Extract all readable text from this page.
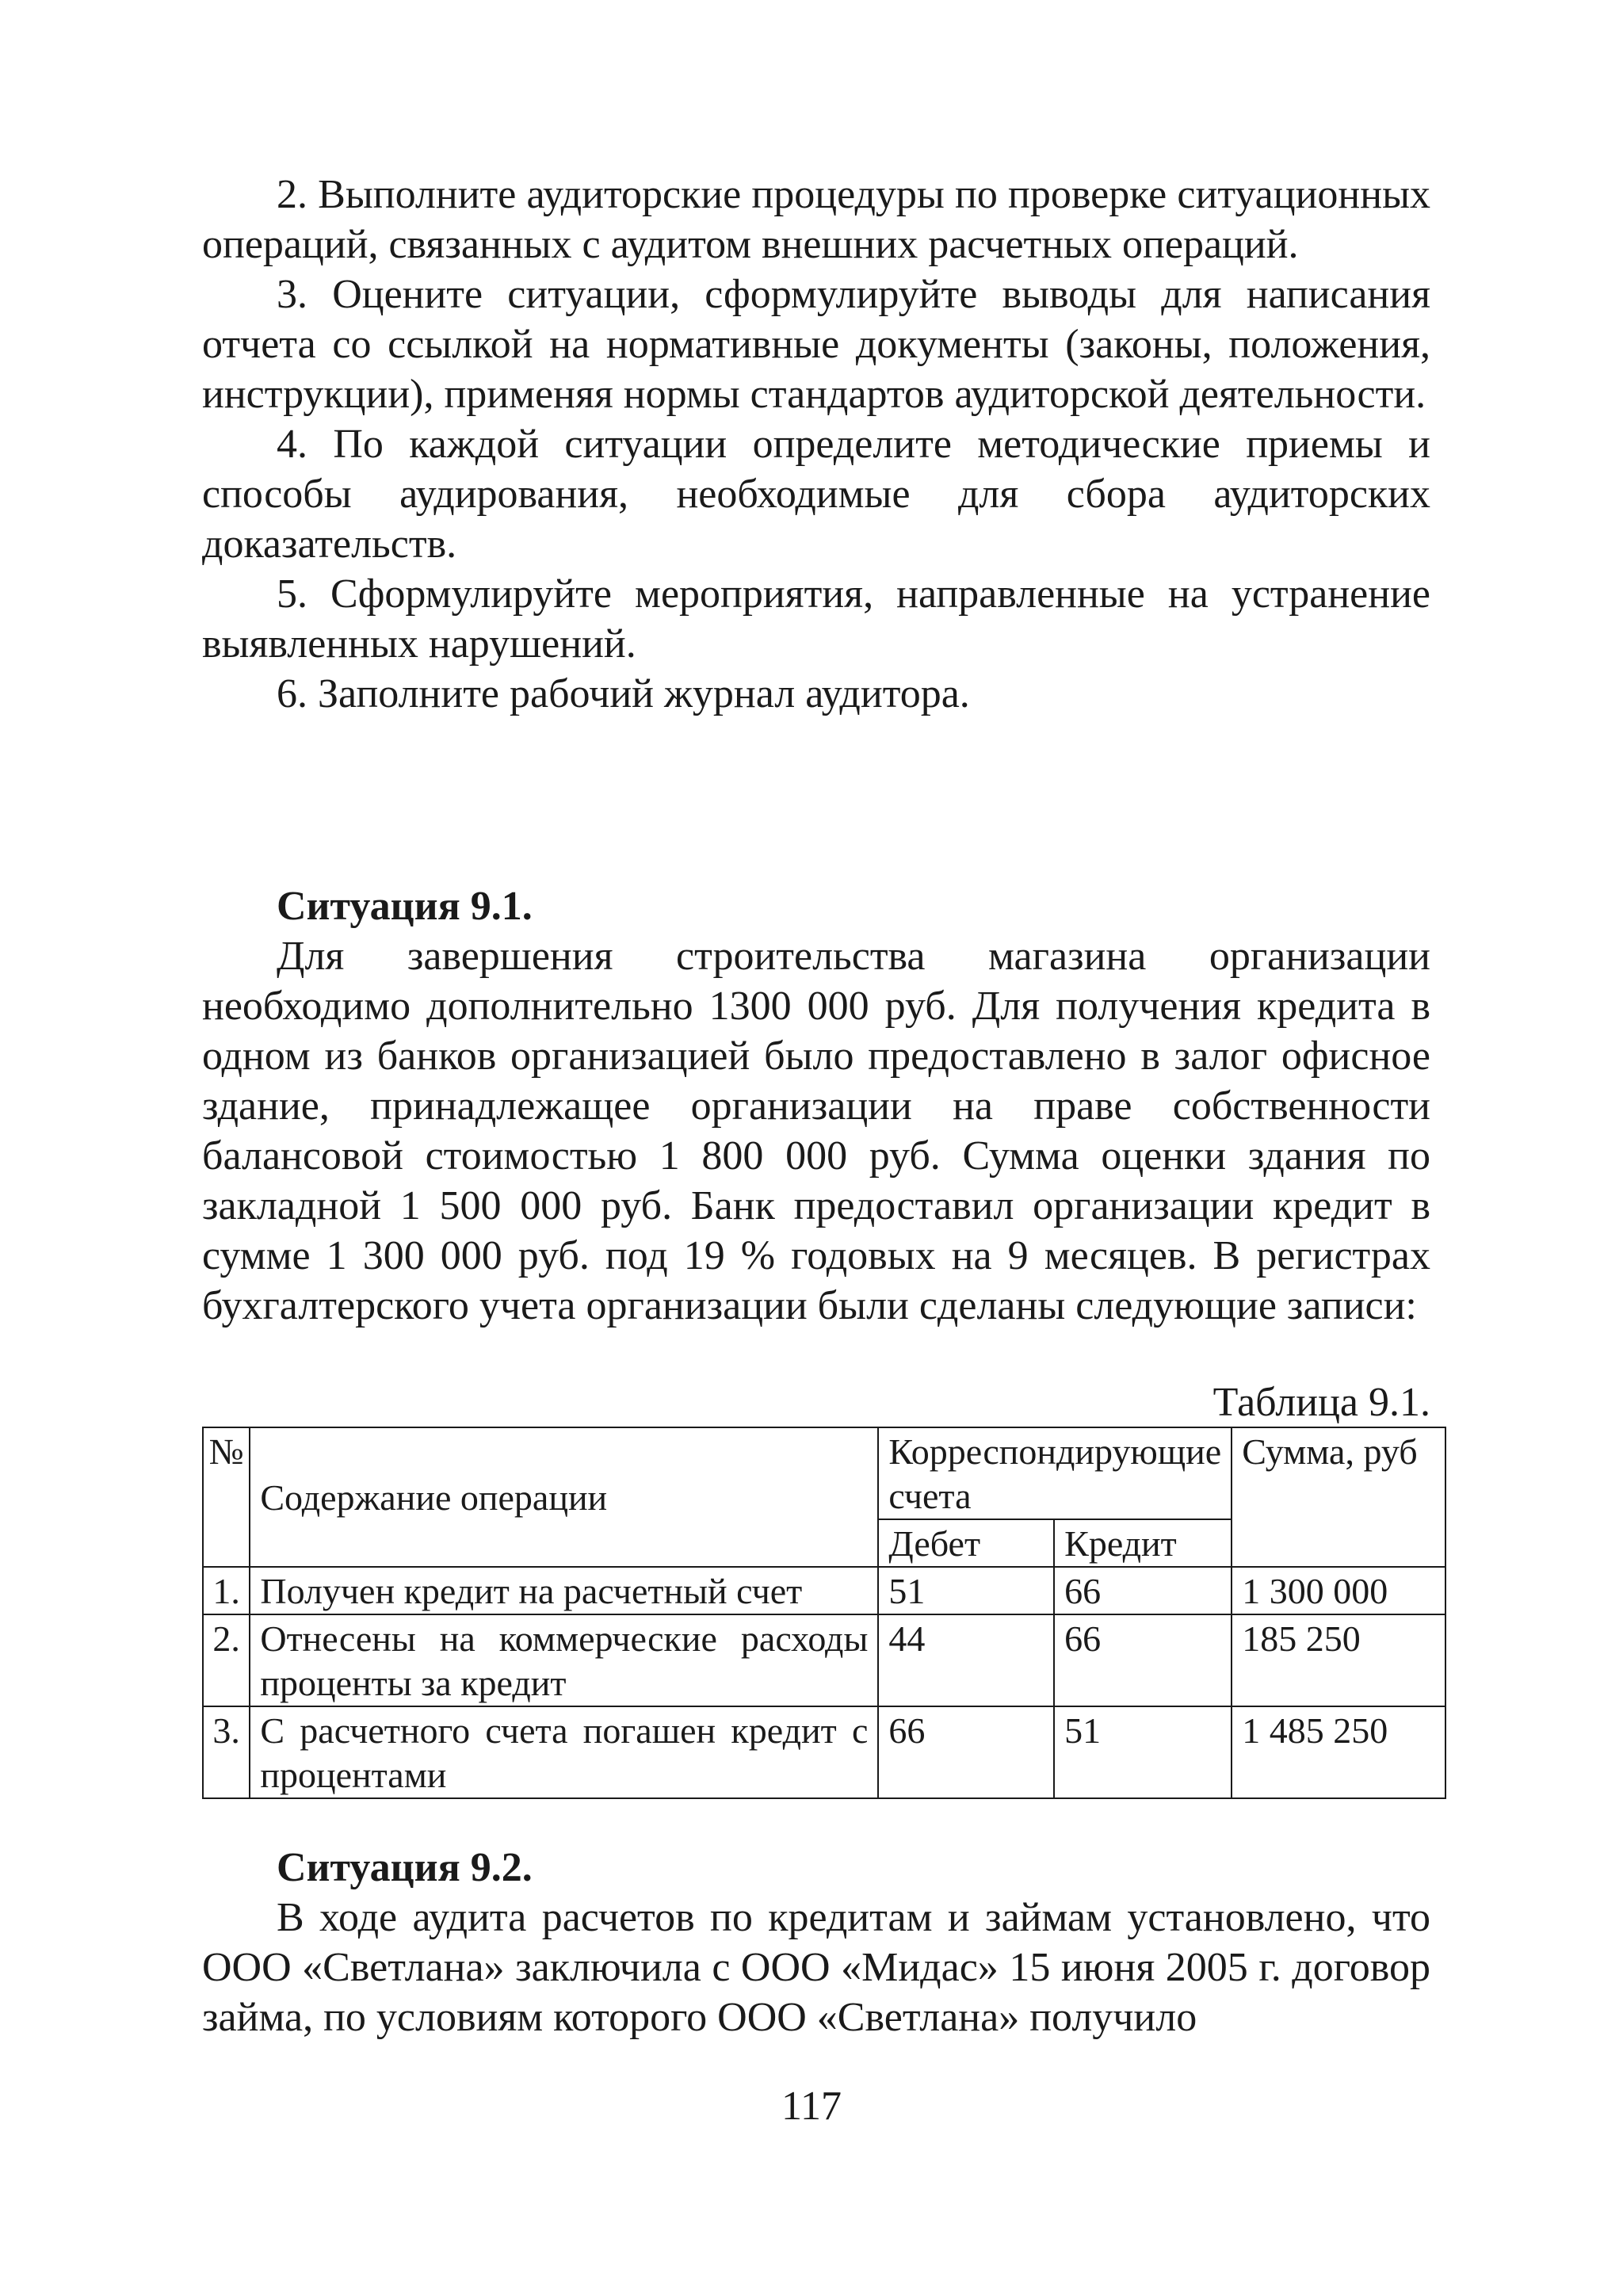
2. Выполните аудиторские процедуры по проверке ситуационных операций, связанных с аудитом внешних расчетных операций.

3. Оцените ситуации, сформулируйте выводы для написания отчета со ссылкой на нормативные документы (законы, положения, инструкции), применяя нормы стандартов аудиторской деятельности.

4. По каждой ситуации определите методические приемы и способы аудирования, необходимые для сбора аудиторских доказательств.

5. Сформулируйте мероприятия, направленные на устранение выявленных нарушений.

6. Заполните рабочий журнал аудитора.

Ситуация 9.1.

Для завершения строительства магазина организации необходимо дополнительно 1300 000 руб. Для получения кредита в одном из банков организацией было предоставлено в залог офисное здание, принадлежащее организации на праве собственности балансовой стоимостью 1 800 000 руб. Сумма оценки здания по закладной 1 500 000 руб. Банк предоставил организации кредит в сумме 1 300 000 руб. под 19 % годовых на 9 месяцев. В регистрах бухгалтерского учета организации были сделаны следующие записи:

Таблица 9.1.
№	Содержание операции	Корреспондирующие счета		Сумма, руб
		Дебет	Кредит	
1.	Получен кредит на расчетный счет	51	66	1 300 000
2.	Отнесены на коммерческие расходы проценты за кредит	44	66	185 250
3.	С расчетного счета погашен кредит с процентами	66	51	1 485 250

Ситуация 9.2.

В ходе аудита расчетов по кредитам и займам установлено, что ООО «Светлана» заключила с ООО «Мидас» 15 июня 2005 г. договор займа, по условиям которого ООО «Светлана» получило

117
